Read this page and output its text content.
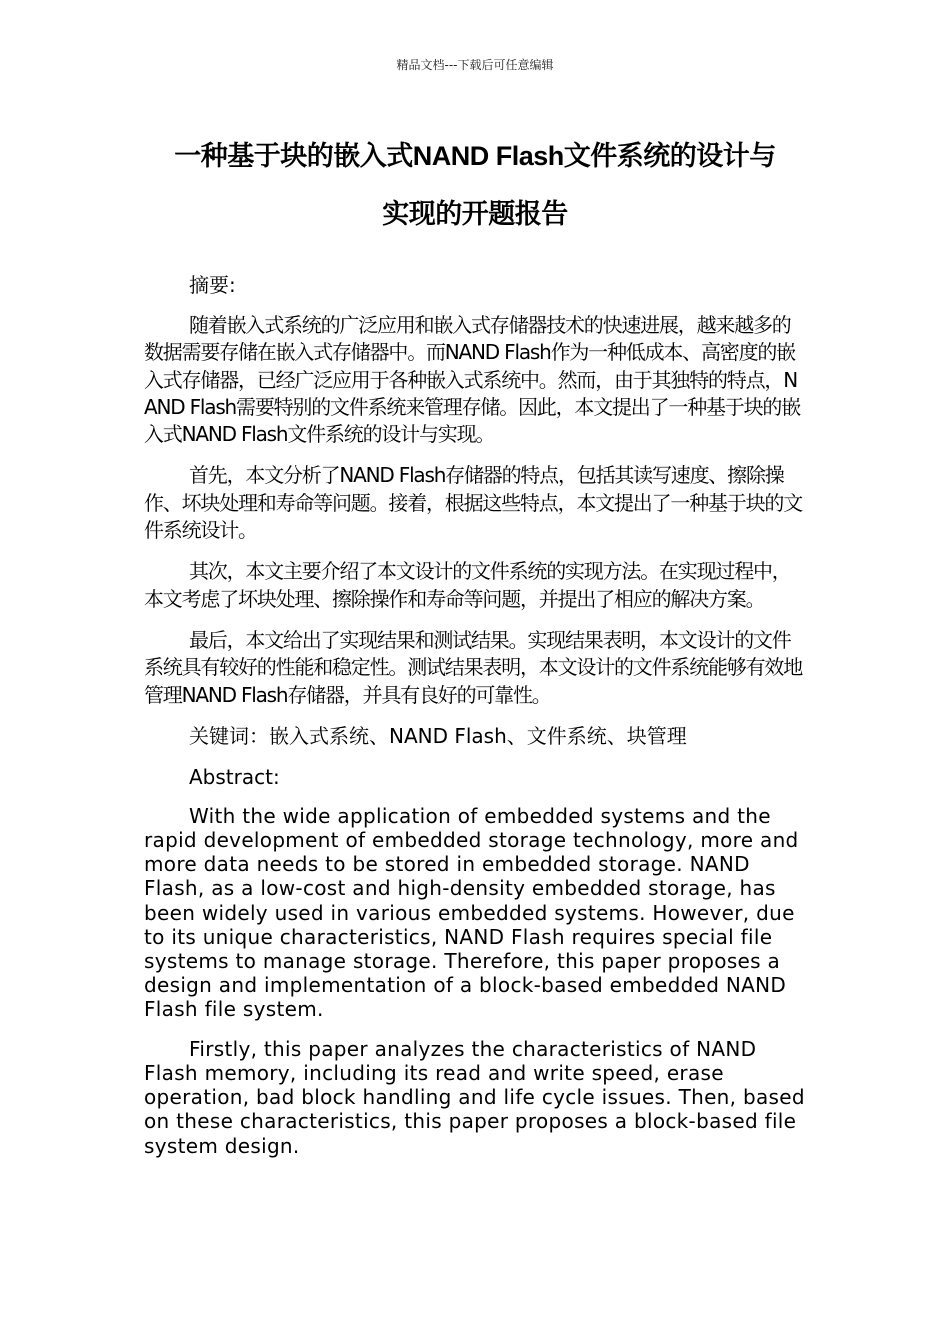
精品文档---下载后可任意编辑
一种基于块的嵌入式NAND Flash文件系统的设计与
实现的开题报告

摘要:

随着嵌入式系统的广泛应用和嵌入式存储器技术的快速进展，越来越多的数据需要存储在嵌入式存储器中。而NAND Flash作为一种低成本、高密度的嵌入式存储器，已经广泛应用于各种嵌入式系统中。然而，由于其独特的特点，NAND Flash需要特别的文件系统来管理存储。因此，本文提出了一种基于块的嵌入式NAND Flash文件系统的设计与实现。

首先，本文分析了NAND Flash存储器的特点，包括其读写速度、擦除操作、坏块处理和寿命等问题。接着，根据这些特点，本文提出了一种基于块的文件系统设计。

其次，本文主要介绍了本文设计的文件系统的实现方法。在实现过程中，本文考虑了坏块处理、擦除操作和寿命等问题，并提出了相应的解决方案。

最后，本文给出了实现结果和测试结果。实现结果表明，本文设计的文件系统具有较好的性能和稳定性。测试结果表明，本文设计的文件系统能够有效地管理NAND Flash存储器，并具有良好的可靠性。

关键词：嵌入式系统、NAND Flash、文件系统、块管理

Abstract:

With the wide application of embedded systems and the rapid development of embedded storage technology, more and more data needs to be stored in embedded storage. NAND Flash, as a low-cost and high-density embedded storage, has been widely used in various embedded systems. However, due to its unique characteristics, NAND Flash requires special file systems to manage storage. Therefore, this paper proposes a design and implementation of a block-based embedded NAND Flash file system.

Firstly, this paper analyzes the characteristics of NAND Flash memory, including its read and write speed, erase operation, bad block handling and life cycle issues. Then, based on these characteristics, this paper proposes a block-based file system design.
